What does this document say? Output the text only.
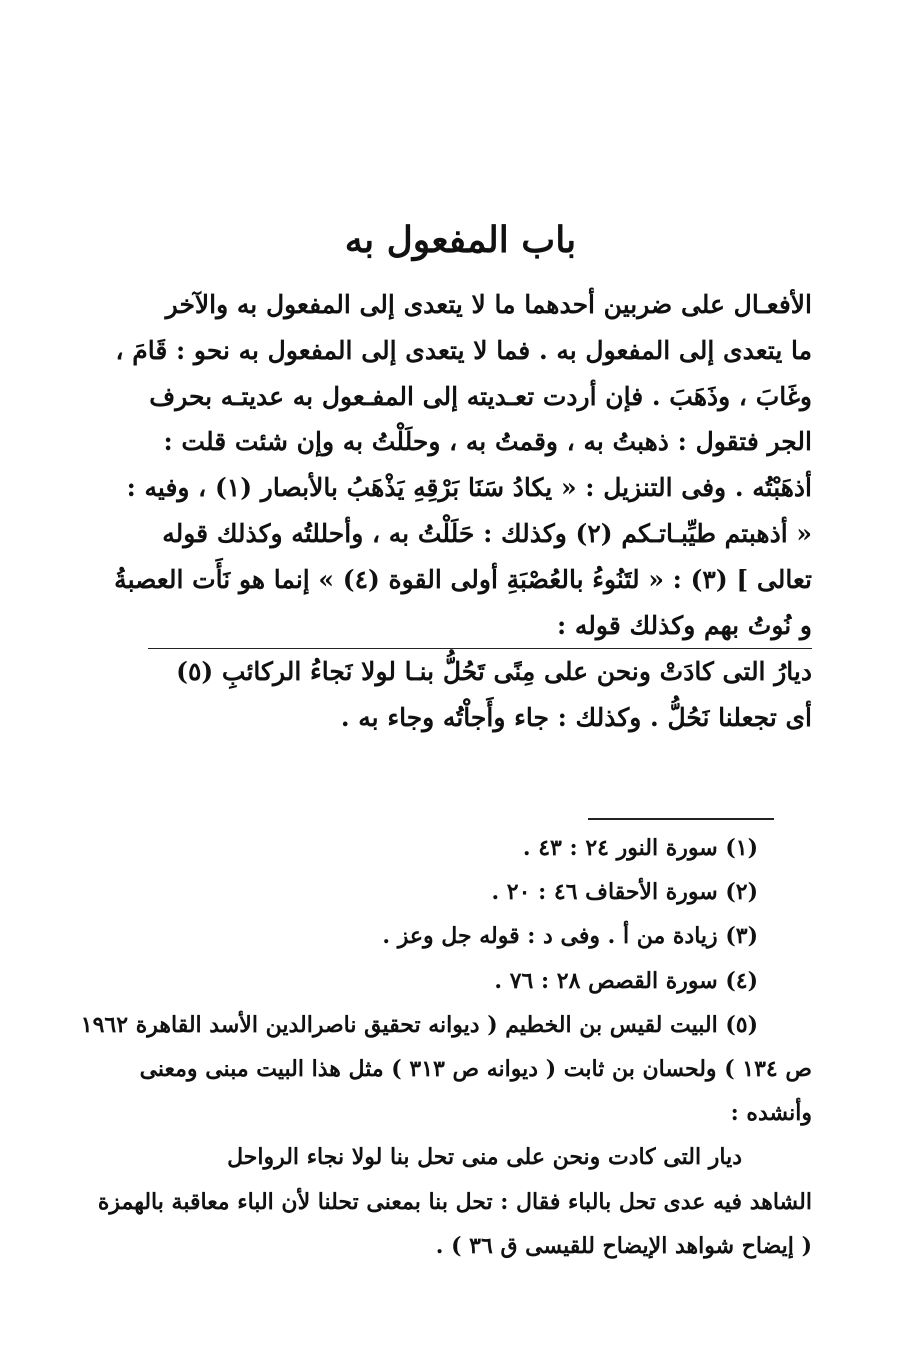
باب المفعول به
الأفعـال على ضربين أحدهما ما لا يتعدى إلى المفعول به والآخر
ما يتعدى إلى المفعول به . فما لا يتعدى إلى المفعول به نحو : قَامَ ،
وغَابَ ، وذَهَبَ . فإن أردت تعـديته إلى المفـعول به عديتـه بحرف
الجر فتقول : ذهبتُ به ، وقمتُ به ، وحلَلْتُ به وإن شئت قلت :
أذهَبْتُه . وفى التنزيل : « يكادُ سَنَا بَرْقِهِ يَذْهَبُ بالأبصار (١) ، وفيه :
« أذهبتم طيِّبـاتـكم (٢) وكذلك : حَلَلْتُ به ، وأحللتُه وكذلك قوله
تعالى ] (٣) : « لتَنُوءُ بالعُصْبَةِ أولى القوة (٤) » إنما هو نَأَت العصبةُ
و نُوتُ بهم وكذلك قوله :
ديارُ التى كادَتْ ونحن على مِنًى تَحُلُّ بنـا لولا نَجاءُ الركائبِ (٥)
أى تجعلنا نَحُلُّ . وكذلك : جاء وأَجاْتُه وجاء به .
(١) سورة النور ٢٤ : ٤٣ .
(٢) سورة الأحقاف ٤٦ : ٢٠ .
(٣) زيادة من أ . وفى د : قوله جل وعز .
(٤) سورة القصص ٢٨ : ٧٦ .
(٥) البيت لقيس بن الخطيم ( ديوانه تحقيق ناصرالدين الأسد القاهرة ١٩٦٢
ص ١٣٤ ) ولحسان بن ثابت ( ديوانه ص ٣١٣ ) مثل هذا البيت مبنى ومعنى
وأنشده :
ديار التى كادت ونحن على منى تحل بنا لولا نجاء الرواحل
الشاهد فيه عدى تحل بالباء فقال : تحل بنا بمعنى تحلنا لأن الباء معاقبة بالهمزة
( إيضاح شواهد الإيضاح للقيسى ق ٣٦ ) .
